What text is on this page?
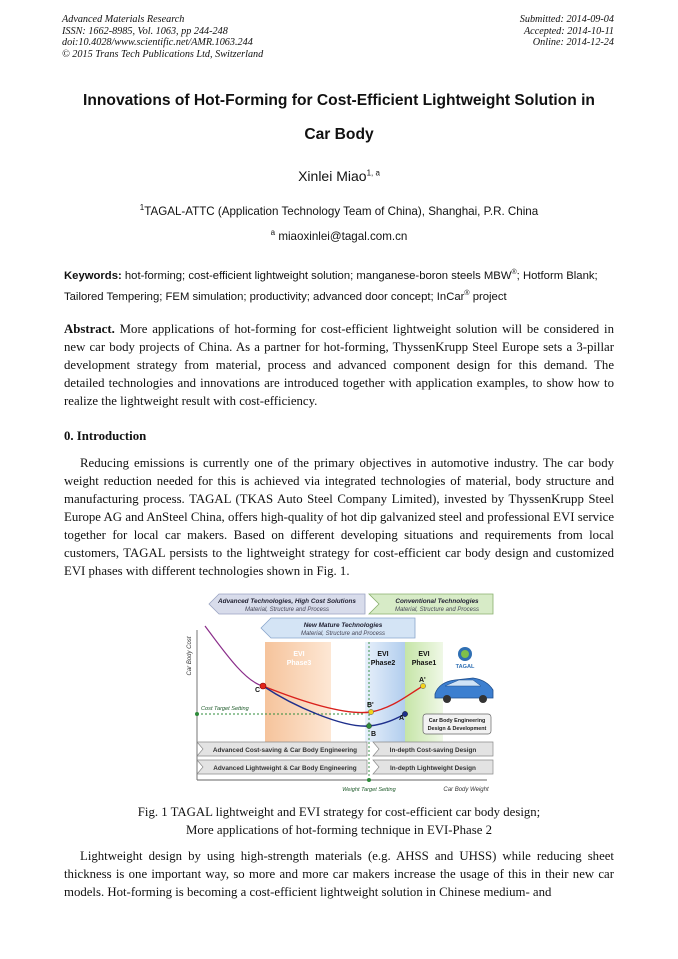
Advanced Materials Research
ISSN: 1662-8985, Vol. 1063, pp 244-248
doi:10.4028/www.scientific.net/AMR.1063.244
© 2015 Trans Tech Publications Ltd, Switzerland
Submitted: 2014-09-04
Accepted: 2014-10-11
Online: 2014-12-24
Innovations of Hot-Forming for Cost-Efficient Lightweight Solution in
Car Body
Xinlei Miao$^{1, a}$
$^1$TAGAL-ATTC (Application Technology Team of China), Shanghai, P.R. China
$^a$ miaoxinlei@tagal.com.cn
Keywords: hot-forming; cost-efficient lightweight solution; manganese-boron steels MBW®; Hotform Blank; Tailored Tempering; FEM simulation; productivity; advanced door concept; InCar® project
Abstract. More applications of hot-forming for cost-efficient lightweight solution will be considered in new car body projects of China. As a partner for hot-forming, ThyssenKrupp Steel Europe sets a 3-pillar development strategy from material, process and advanced component design for this demand. The detailed technologies and innovations are introduced together with application examples, to show how to realize the lightweight result with cost-efficiency.
0. Introduction
Reducing emissions is currently one of the primary objectives in automotive industry. The car body weight reduction needed for this is achieved via integrated technologies of material, body structure and manufacturing process. TAGAL (TKAS Auto Steel Company Limited), invested by ThyssenKrupp Steel Europe AG and AnSteel China, offers high-quality of hot dip galvanized steel and professional EVI service together for local car makers. Based on different developing situations and requirements from local customers, TAGAL persists to the lightweight strategy for cost-efficient car body design and customized EVI phases with different technologies shown in Fig. 1.
Advanced Technologies, High Cost Solutions
Material, Structure and Process
Conventional Technologies
Material, Structure and Process
New Mature Technologies
Material, Structure and Process
EVI
Phase3
EVI
Phase2
EVI
Phase1
Car Body Cost
Car Body Weight
Cost Target Setting
Weight Target Setting
C
B'
B
A
A'
TAGAL
Car Body Engineering
Design & Development
Advanced Cost-saving & Car Body Engineering	In-depth Cost-saving Design
Advanced Lightweight & Car Body Engineering	In-depth Lightweight Design
Fig. 1 TAGAL lightweight and EVI strategy for cost-efficient car body design;
More applications of hot-forming technique in EVI-Phase 2
Lightweight design by using high-strength materials (e.g. AHSS and UHSS) while reducing sheet thickness is one important way, so more and more car makers increase the usage of this in their new car models. Hot-forming is becoming a cost-efficient lightweight solution in Chinese medium- and
